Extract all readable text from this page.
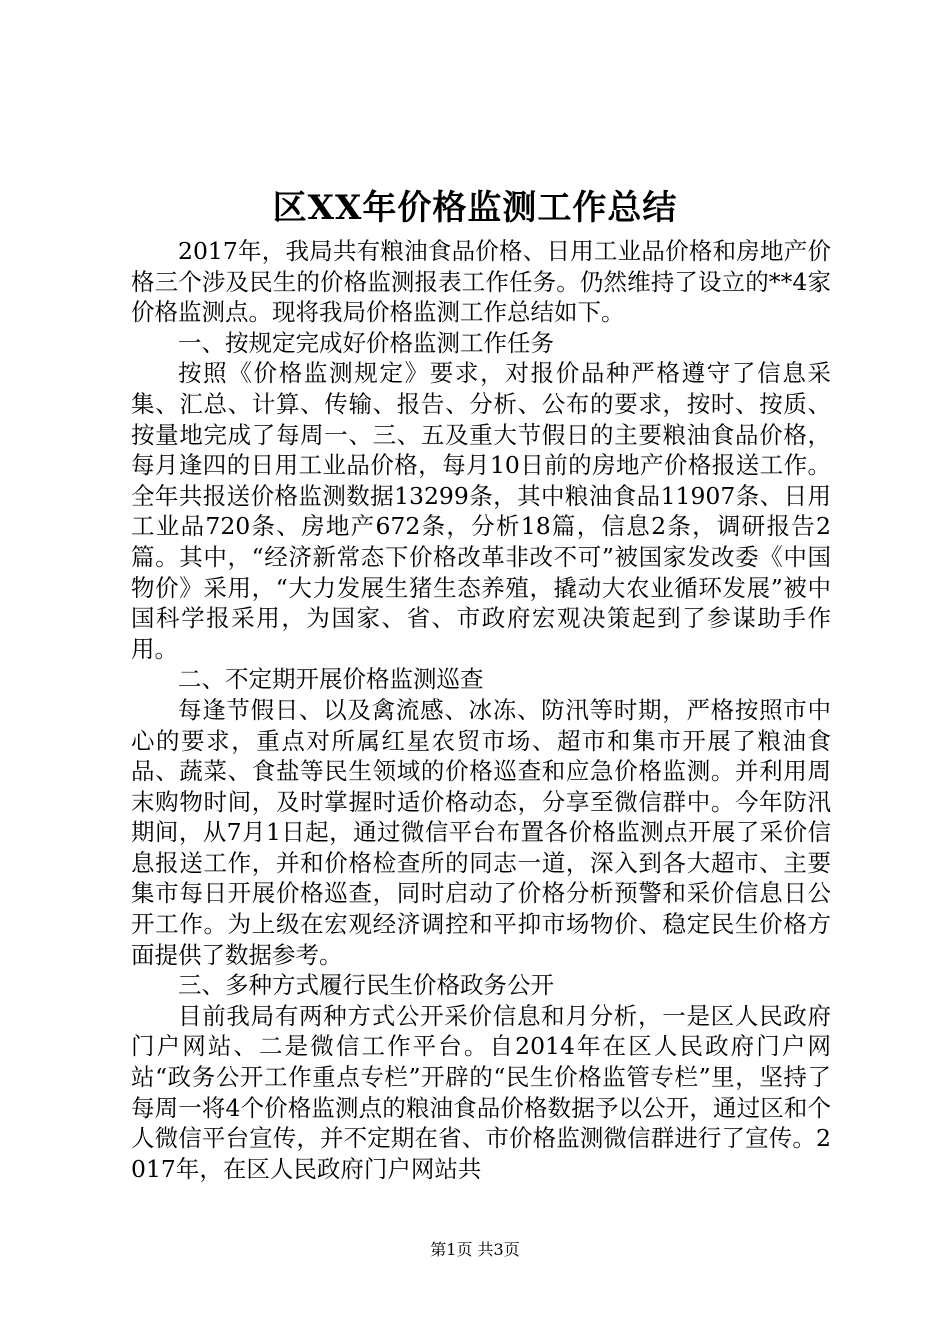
区XX年价格监测工作总结

2017年，我局共有粮油食品价格、日用工业品价格和房地产价格三个涉及民生的价格监测报表工作任务。仍然维持了设立的**4家价格监测点。现将我局价格监测工作总结如下。

一、按规定完成好价格监测工作任务

按照《价格监测规定》要求，对报价品种严格遵守了信息采集、汇总、计算、传输、报告、分析、公布的要求，按时、按质、按量地完成了每周一、三、五及重大节假日的主要粮油食品价格，每月逢四的日用工业品价格，每月10日前的房地产价格报送工作。全年共报送价格监测数据13299条，其中粮油食品11907条、日用工业品720条、房地产672条，分析18篇，信息2条，调研报告2篇。其中，“经济新常态下价格改革非改不可”被国家发改委《中国物价》采用，“大力发展生猪生态养殖，撬动大农业循环发展”被中国科学报采用，为国家、省、市政府宏观决策起到了参谋助手作用。

二、不定期开展价格监测巡查

每逢节假日、以及禽流感、冰冻、防汛等时期，严格按照市中心的要求，重点对所属红星农贸市场、超市和集市开展了粮油食品、蔬菜、食盐等民生领域的价格巡查和应急价格监测。并利用周末购物时间，及时掌握时适价格动态，分享至微信群中。今年防汛期间，从7月1日起，通过微信平台布置各价格监测点开展了采价信息报送工作，并和价格检查所的同志一道，深入到各大超市、主要集市每日开展价格巡查，同时启动了价格分析预警和采价信息日公开工作。为上级在宏观经济调控和平抑市场物价、稳定民生价格方面提供了数据参考。

三、多种方式履行民生价格政务公开

目前我局有两种方式公开采价信息和月分析，一是区人民政府门户网站、二是微信工作平台。自2014年在区人民政府门户网站“政务公开工作重点专栏”开辟的“民生价格监管专栏”里，坚持了每周一将4个价格监测点的粮油食品价格数据予以公开，通过区和个人微信平台宣传，并不定期在省、市价格监测微信群进行了宣传。2017年，在区人民政府门户网站共

第1页 共3页
